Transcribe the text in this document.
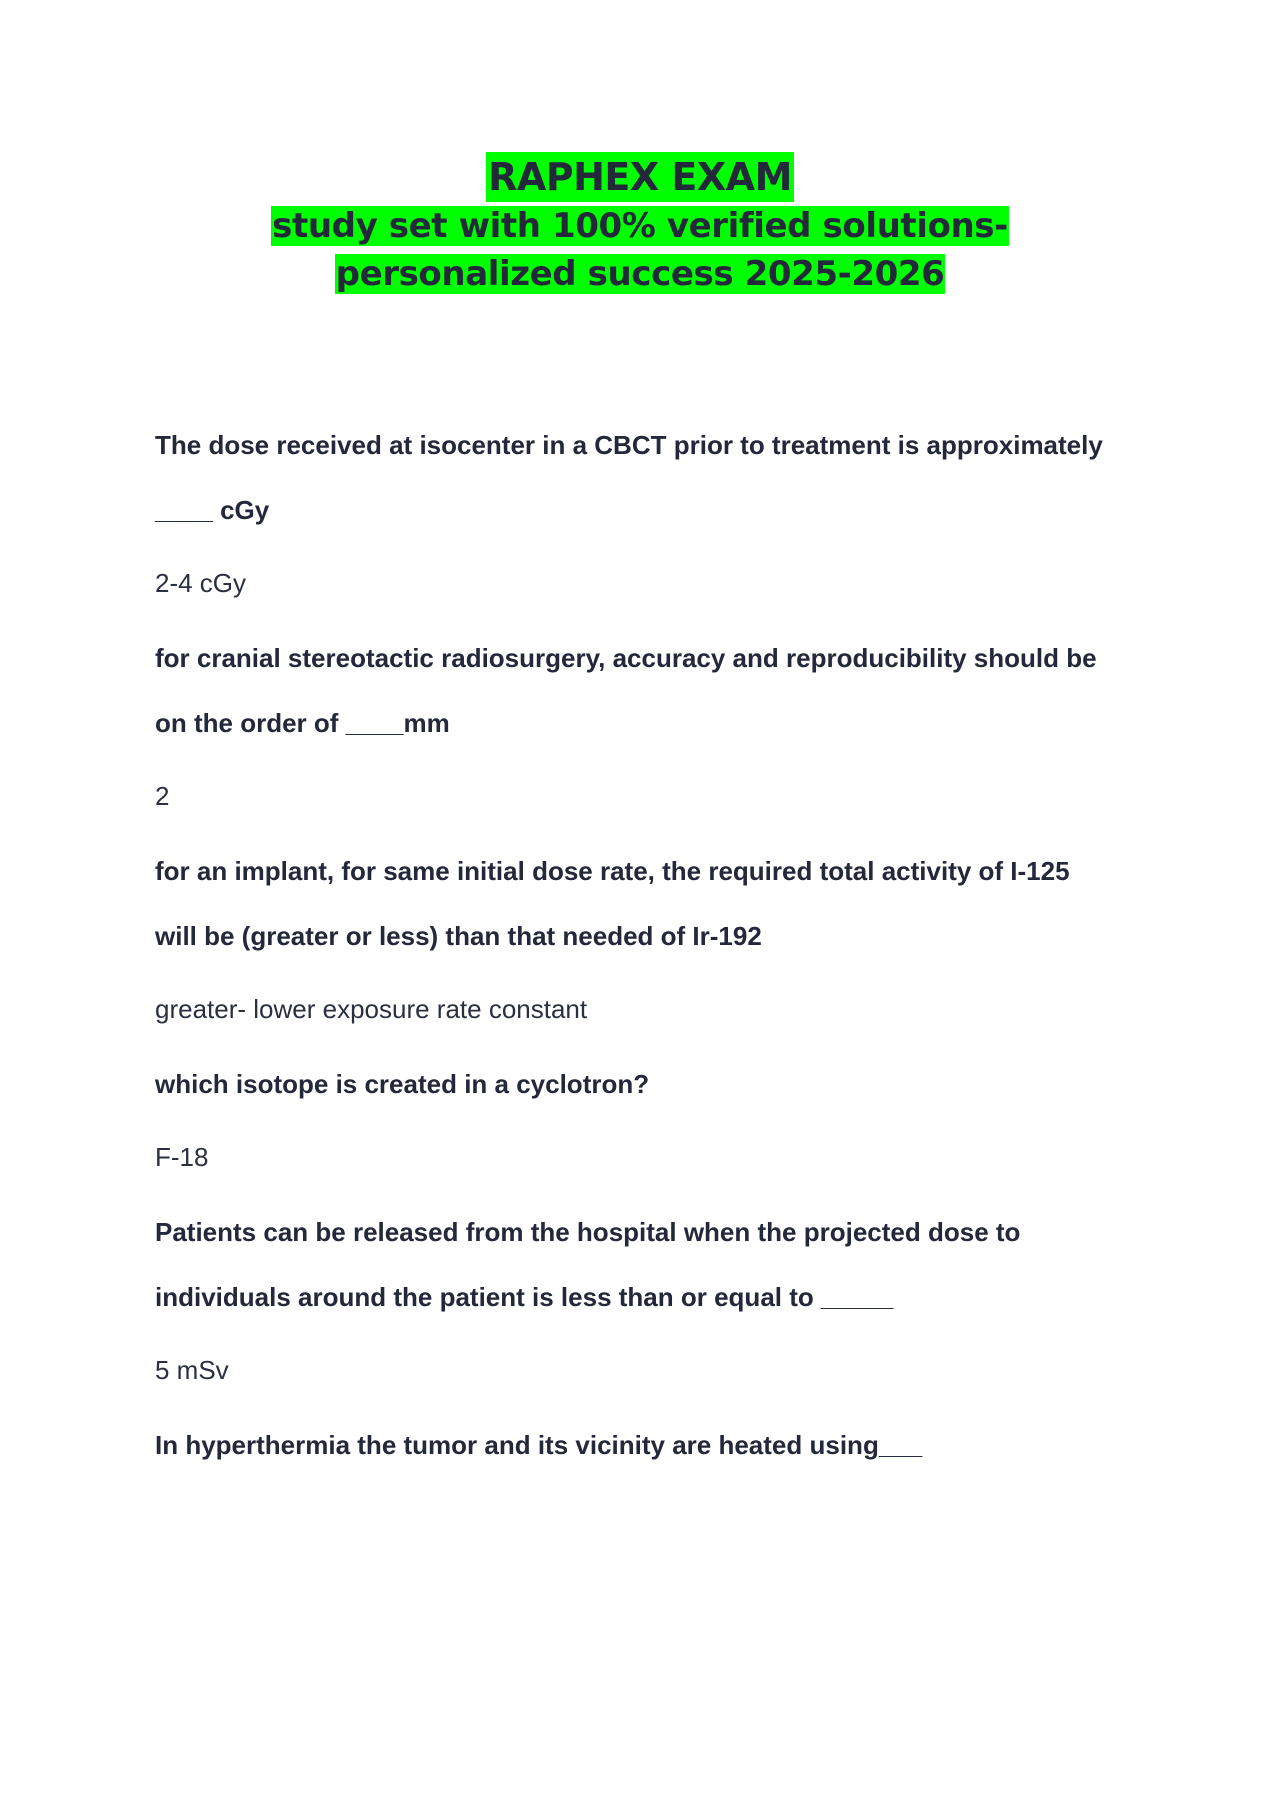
RAPHEX EXAM
study set with 100% verified solutions-personalized success 2025-2026

The dose received at isocenter in a CBCT prior to treatment is approximately ____ cGy

2-4 cGy

for cranial stereotactic radiosurgery, accuracy and reproducibility should be on the order of ____mm

2

for an implant, for same initial dose rate, the required total activity of I-125 will be (greater or less) than that needed of Ir-192

greater- lower exposure rate constant

which isotope is created in a cyclotron?

F-18

Patients can be released from the hospital when the projected dose to individuals around the patient is less than or equal to _____

5 mSv

In hyperthermia the tumor and its vicinity are heated using___
